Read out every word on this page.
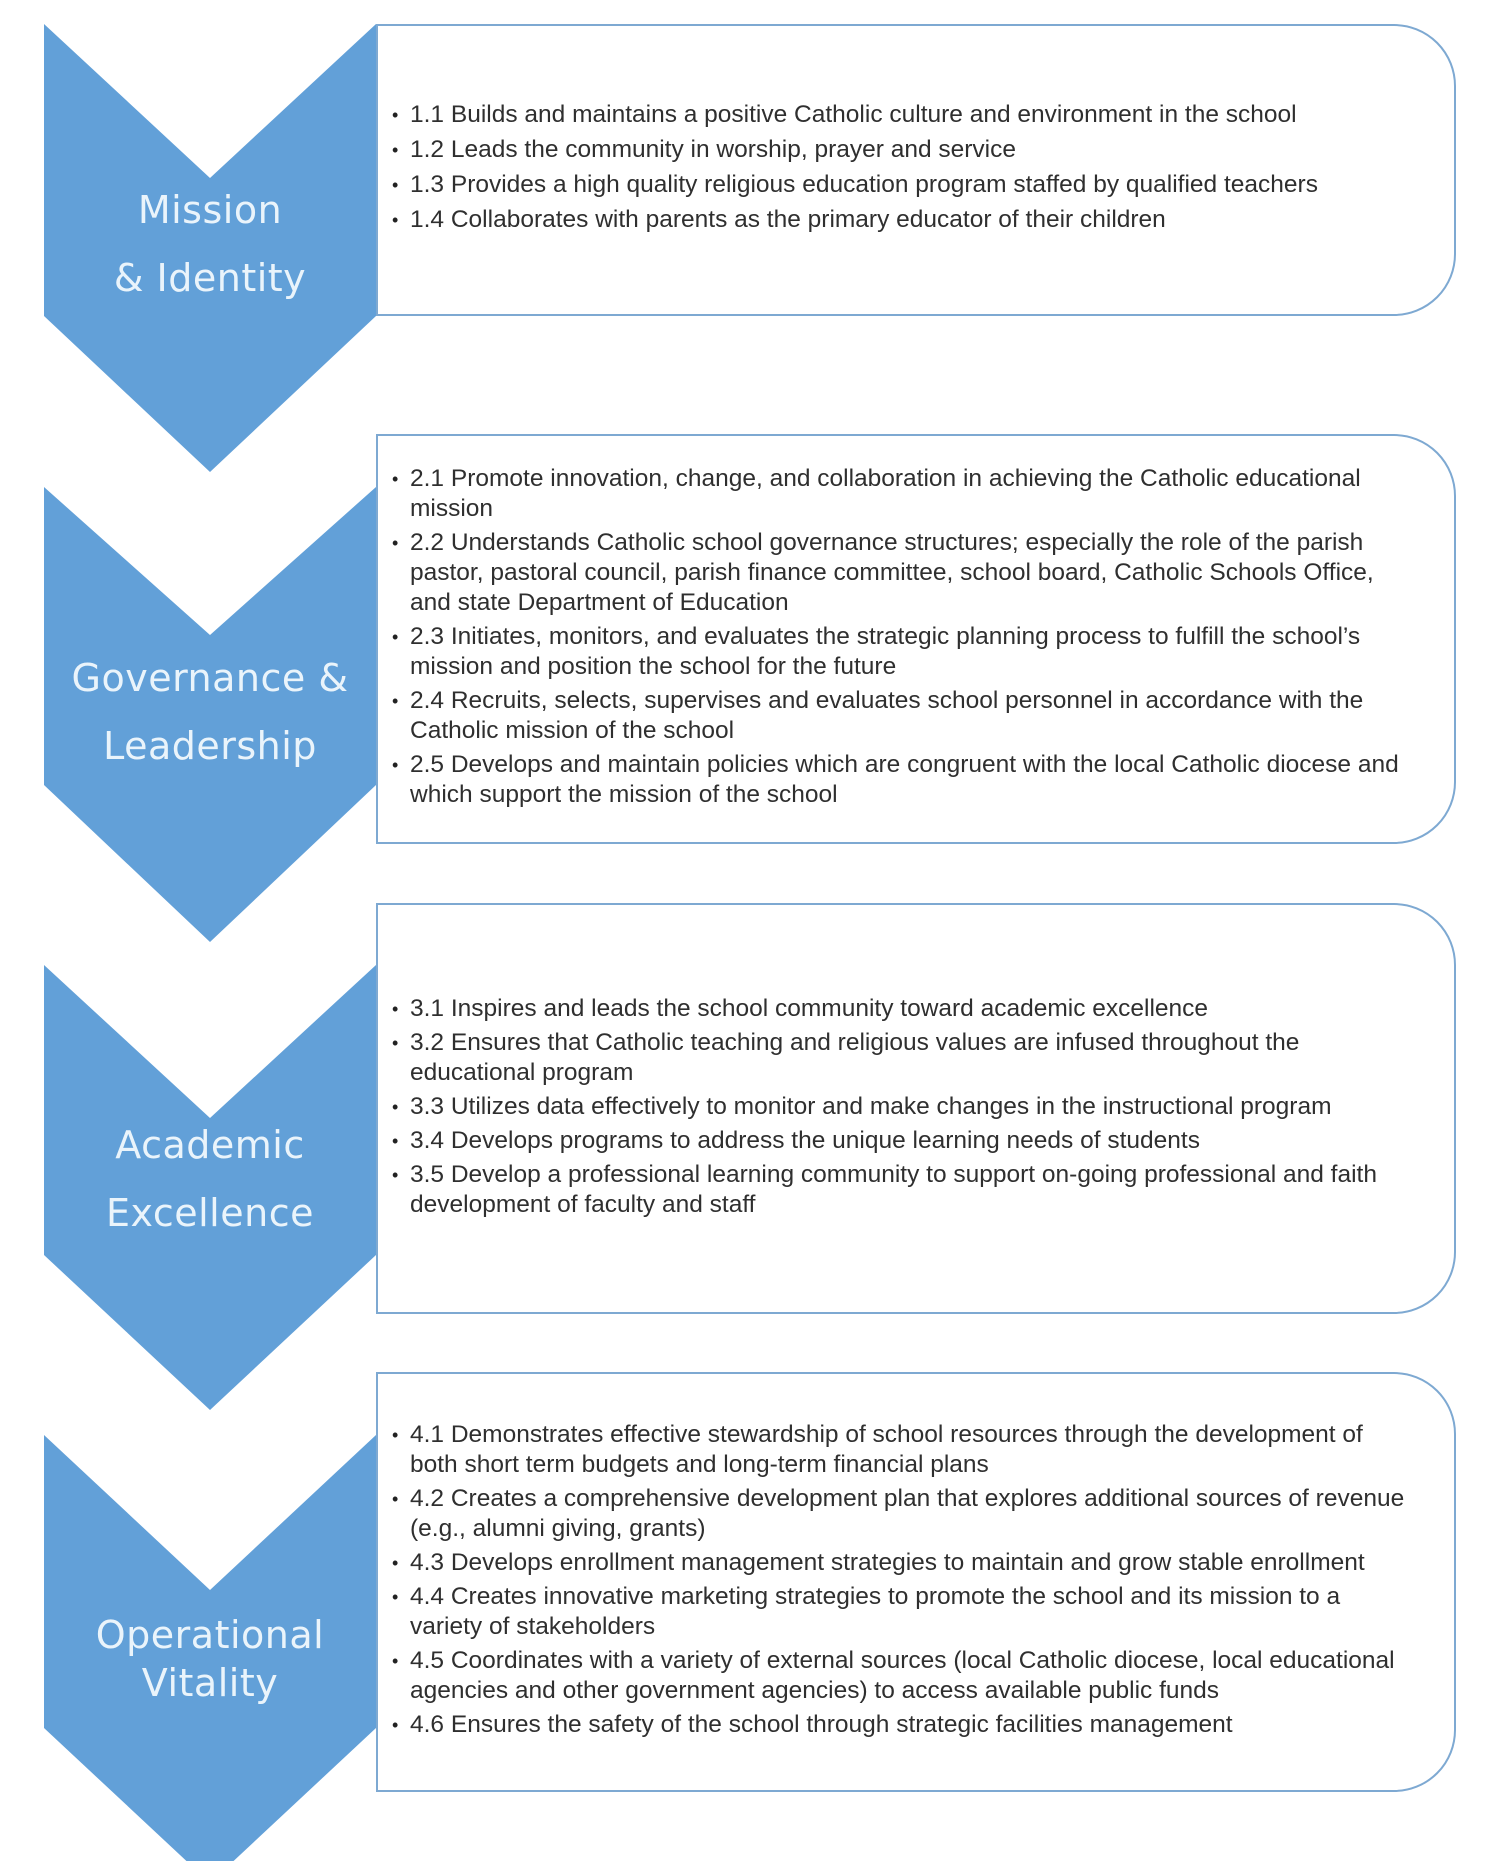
Mission
& Identity
Governance &
Leadership
Academic
Excellence
Operational
Vitality
• 1.1 Builds and maintains a positive Catholic culture and environment in the school
• 1.2 Leads the community in worship, prayer and service
• 1.3 Provides a high quality religious education program staffed by qualified teachers
• 1.4 Collaborates with parents as the primary educator of their children
• 2.1 Promote innovation, change, and collaboration in achieving the Catholic educational mission
• 2.2 Understands Catholic school governance structures; especially the role of the parish pastor, pastoral council, parish finance committee, school board, Catholic Schools Office, and state Department of Education
• 2.3 Initiates, monitors, and evaluates the strategic planning process to fulfill the school’s mission and position the school for the future
• 2.4 Recruits, selects, supervises and evaluates school personnel in accordance with the Catholic mission of the school
• 2.5 Develops and maintain policies which are congruent with the local Catholic diocese and which support the mission of the school
• 3.1 Inspires and leads the school community toward academic excellence
• 3.2 Ensures that Catholic teaching and religious values are infused throughout the educational program
• 3.3 Utilizes data effectively to monitor and make changes in the instructional program
• 3.4 Develops programs to address the unique learning needs of students
• 3.5 Develop a professional learning community to support on-going professional and faith development of faculty and staff
• 4.1 Demonstrates effective stewardship of school resources through the development of both short term budgets and long-term financial plans
• 4.2 Creates a comprehensive development plan that explores additional sources of revenue (e.g., alumni giving, grants)
• 4.3 Develops enrollment management strategies to maintain and grow stable enrollment
• 4.4 Creates innovative marketing strategies to promote the school and its mission to a variety of stakeholders
• 4.5 Coordinates with a variety of external sources (local Catholic diocese, local educational agencies and other government agencies) to access available public funds
• 4.6 Ensures the safety of the school through strategic facilities management
